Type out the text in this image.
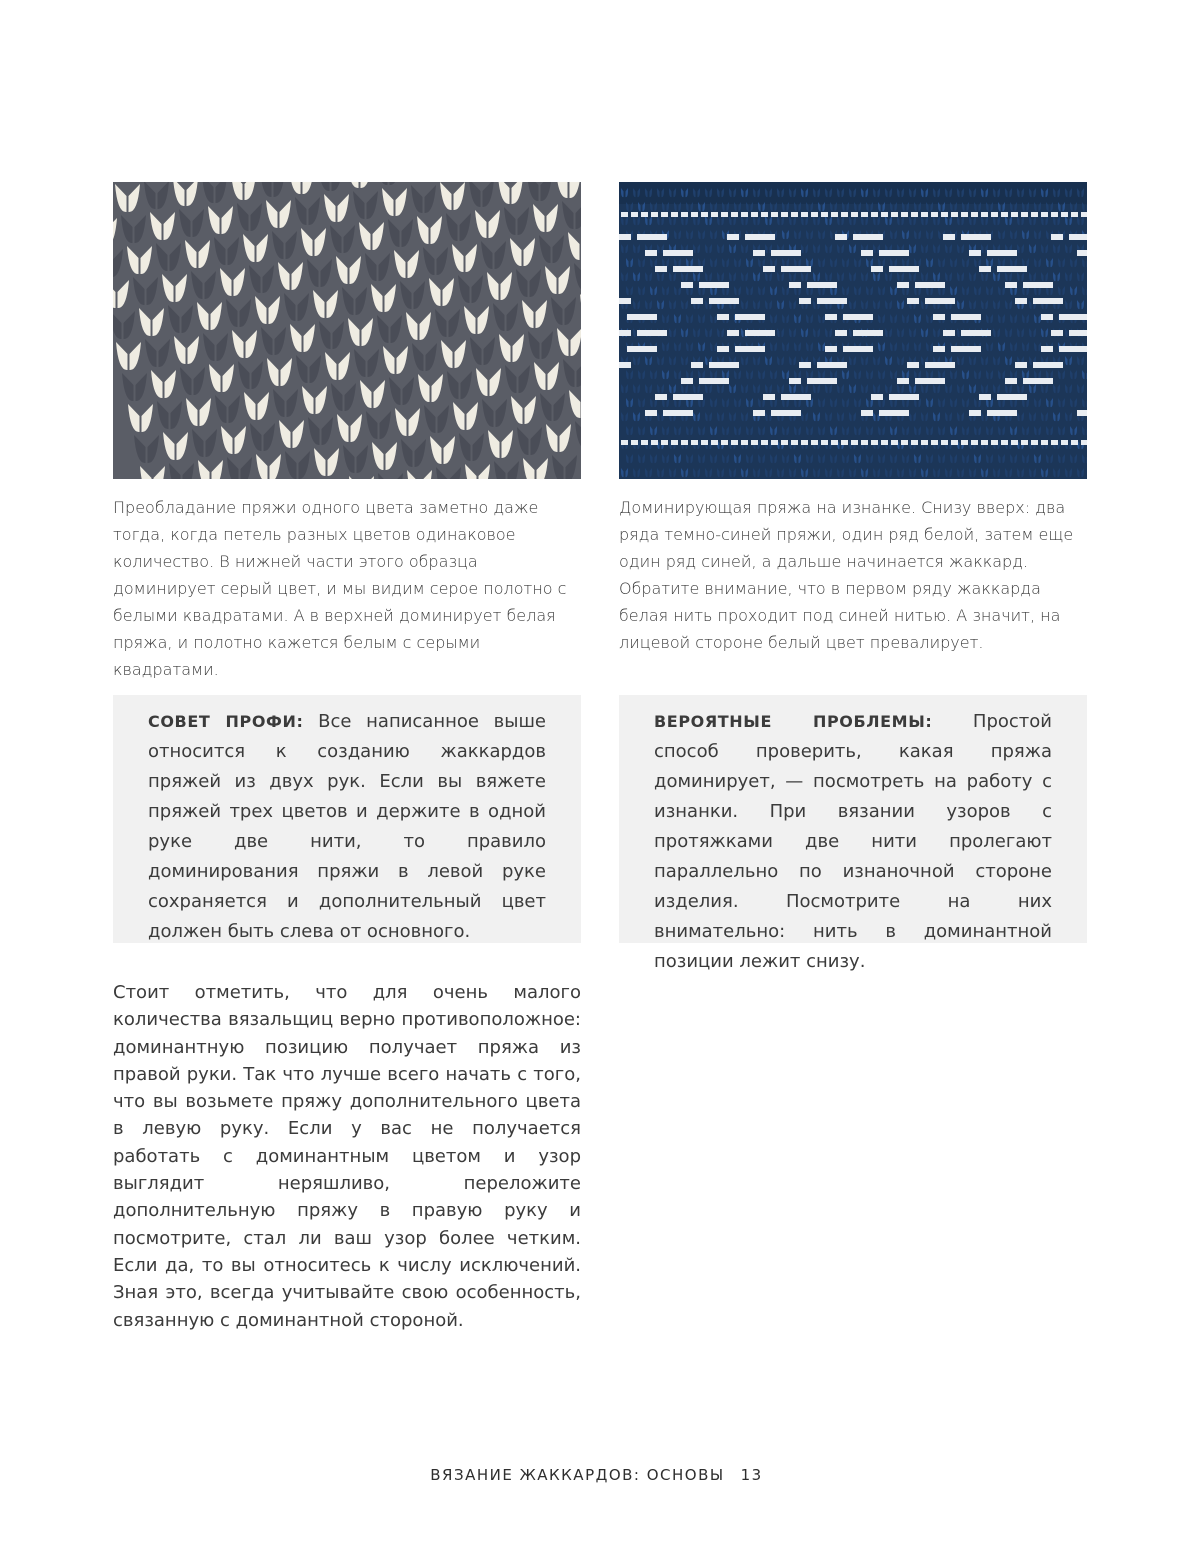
Преобладание пряжи одного цвета заметно даже тогда, когда петель разных цветов одинаковое количество. В нижней части этого образца доминирует серый цвет, и мы видим серое полотно с белыми квадратами. А в верхней доминирует белая пряжа, и полотно кажется белым с серыми квадратами.

Доминирующая пряжа на изнанке. Снизу вверх: два ряда темно-синей пряжи, один ряд белой, затем еще один ряд синей, а дальше начинается жаккард. Обратите внимание, что в первом ряду жаккарда белая нить проходит под синей нитью. А значит, на лицевой стороне белый цвет превалирует.

СОВЕТ ПРОФИ: Все написанное выше относится к созданию жаккардов пряжей из двух рук. Если вы вяжете пряжей трех цветов и держите в одной руке две нити, то правило доминирования пряжи в левой руке сохраняется и дополнительный цвет должен быть слева от основного.

ВЕРОЯТНЫЕ ПРОБЛЕМЫ: Простой способ проверить, какая пряжа доминирует, — посмотреть на работу с изнанки. При вязании узоров с протяжками две нити пролегают параллельно по изнаночной стороне изделия. Посмотрите на них внимательно: нить в доминантной позиции лежит снизу.

Стоит отметить, что для очень малого количества вязальщиц верно противоположное: доминантную позицию получает пряжа из правой руки. Так что лучше всего начать с того, что вы возьмете пряжу дополнительного цвета в левую руку. Если у вас не получается работать с доминантным цветом и узор выглядит неряшливо, переложите дополнительную пряжу в правую руку и посмотрите, стал ли ваш узор более четким. Если да, то вы относитесь к числу исключений. Зная это, всегда учитывайте свою особенность, связанную с доминантной стороной.

ВЯЗАНИЕ ЖАККАРДОВ: ОСНОВЫ 13
